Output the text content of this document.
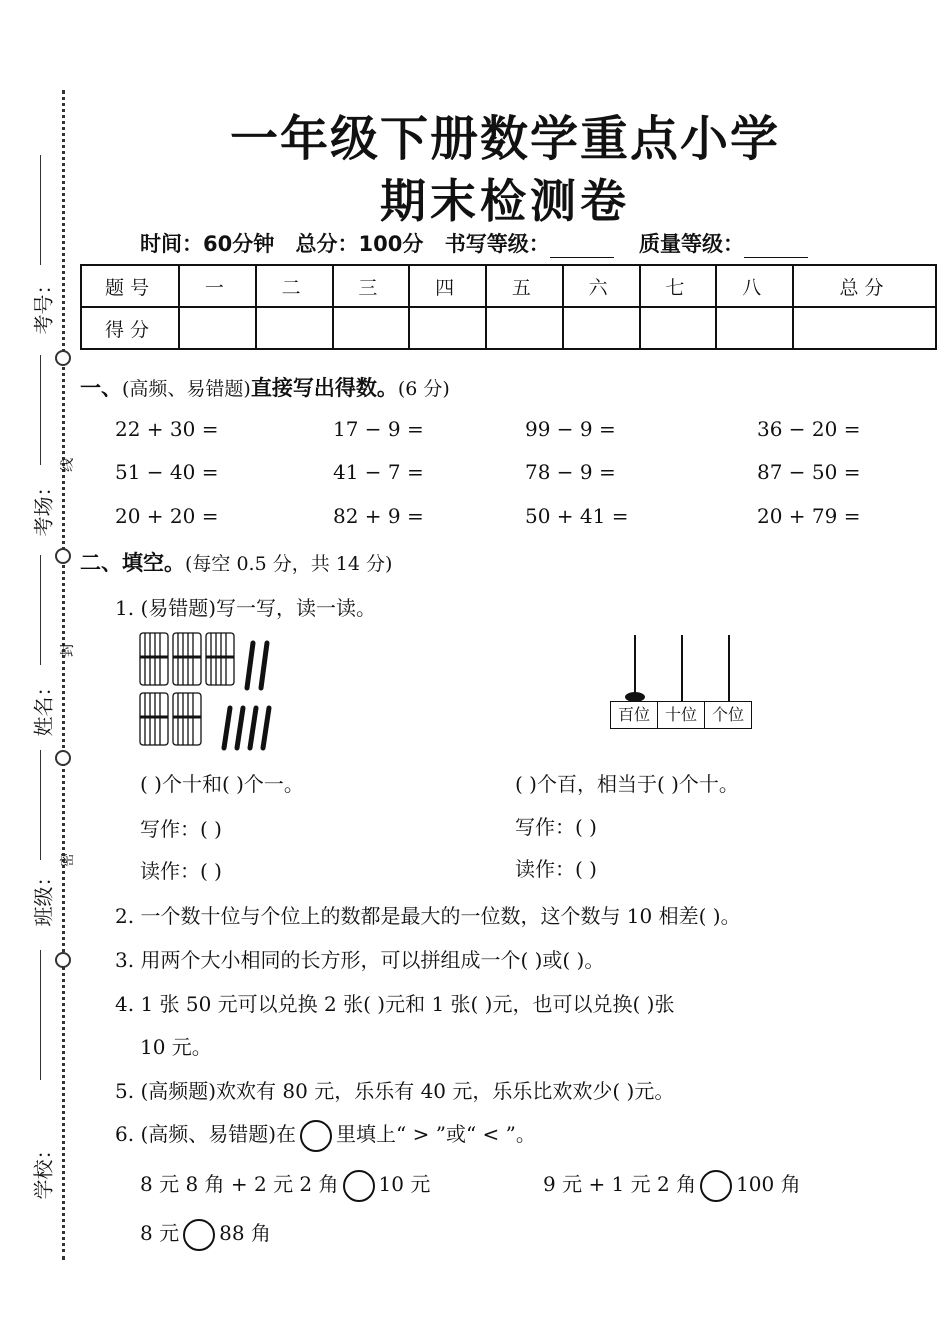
考号：
考场：
姓名：
班级：
学校：
线
封
密
一年级下册数学重点小学
期末检测卷
时间：60分钟 总分：100分 书写等级：	质量等级：
题号	一	二	三	四	五	六	七	八	总分
得分									
一、(高频、易错题)直接写出得数。(6 分)
22 + 30 =	17 − 9 =	99 − 9 =	36 − 20 =
51 − 40 =	41 − 7 =	78 − 9 =	87 − 50 =
20 + 20 =	82 + 9 =	50 + 41 =	20 + 79 =
二、填空。(每空 0.5 分，共 14 分)
1. (易错题)写一写，读一读。
百位 十位 个位
( )个十和( )个一。	( )个百，相当于( )个十。
写作：( )	写作：( )
读作：( )	读作：( )
2. 一个数十位与个位上的数都是最大的一位数，这个数与 10 相差( )。
3. 用两个大小相同的长方形，可以拼组成一个( )或( )。
4. 1 张 50 元可以兑换 2 张( )元和 1 张( )元，也可以兑换( )张
10 元。
5. (高频题)欢欢有 80 元，乐乐有 40 元，乐乐比欢欢少( )元。
6. (高频、易错题)在 里填上“ > ”或“ < ”。
8 元 8 角 + 2 元 2 角 10 元	9 元 + 1 元 2 角 100 角
8 元 88 角
